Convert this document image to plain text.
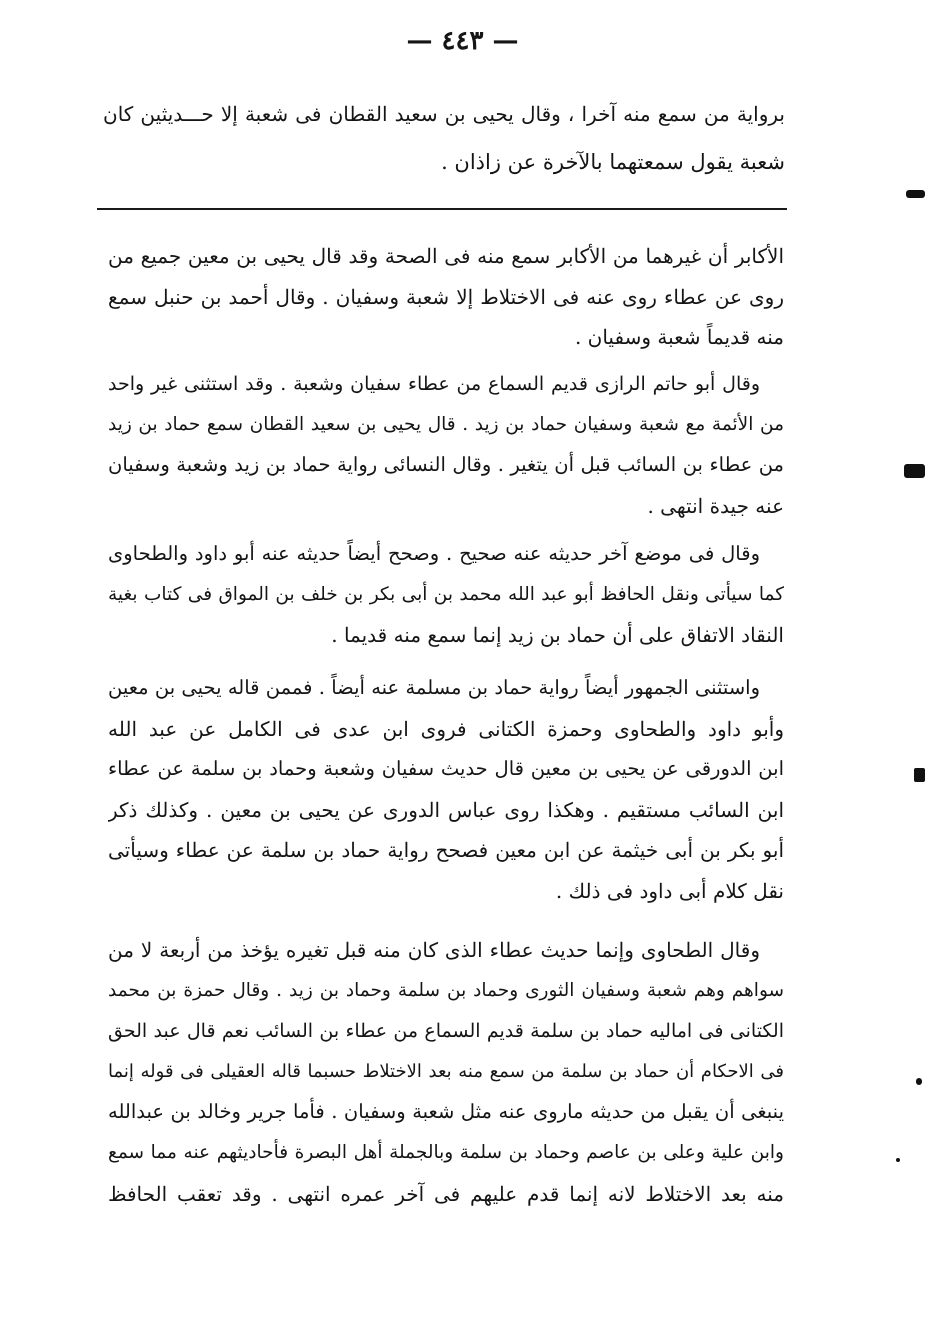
— ٤٤٣ —
برواية من سمع منه آخرا ، وقال يحيى بن سعيد القطان فى شعبة إلا حـــديثين كان
شعبة يقول سمعتهما بالآخرة عن زاذان .
الأكابر أن غيرهما من الأكابر سمع منه فى الصحة وقد قال يحيى بن معين جميع من
روى عن عطاء روى عنه فى الاختلاط إلا شعبة وسفيان . وقال أحمد بن حنبل سمع
منه قديماً شعبة وسفيان .
وقال أبو حاتم الرازى قديم السماع من عطاء سفيان وشعبة . وقد استثنى غير واحد
من الأئمة مع شعبة وسفيان حماد بن زيد . قال يحيى بن سعيد القطان سمع حماد بن زيد
من عطاء بن السائب قبل أن يتغير . وقال النسائى رواية حماد بن زيد وشعبة وسفيان
عنه جيدة انتهى .
وقال فى موضع آخر حديثه عنه صحيح . وصحح أيضاً حديثه عنه أبو داود والطحاوى
كما سيأتى ونقل الحافظ أبو عبد الله محمد بن أبى بكر بن خلف بن المواق فى كتاب بغية
النقاد الاتفاق على أن حماد بن زيد إنما سمع منه قديما .
واستثنى الجمهور أيضاً رواية حماد بن مسلمة عنه أيضاً . فممن قاله يحيى بن معين
وأبو داود والطحاوى وحمزة الكتانى فروى ابن عدى فى الكامل عن عبد الله
ابن الدورقى عن يحيى بن معين قال حديث سفيان وشعبة وحماد بن سلمة عن عطاء
ابن السائب مستقيم . وهكذا روى عباس الدورى عن يحيى بن معين . وكذلك ذكر
أبو بكر بن أبى خيثمة عن ابن معين فصحح رواية حماد بن سلمة عن عطاء وسيأتى
نقل كلام أبى داود فى ذلك .
وقال الطحاوى وإنما حديث عطاء الذى كان منه قبل تغيره يؤخذ من أربعة لا من
سواهم وهم شعبة وسفيان الثورى وحماد بن سلمة وحماد بن زيد . وقال حمزة بن محمد
الكتانى فى اماليه حماد بن سلمة قديم السماع من عطاء بن السائب نعم قال عبد الحق
فى الاحكام أن حماد بن سلمة من سمع منه بعد الاختلاط حسبما قاله العقيلى فى قوله إنما
ينبغى أن يقبل من حديثه ماروى عنه مثل شعبة وسفيان . فأما جرير وخالد بن عبدالله
وابن علية وعلى بن عاصم وحماد بن سلمة وبالجملة أهل البصرة فأحاديثهم عنه مما سمع
منه بعد الاختلاط لانه إنما قدم عليهم فى آخر عمره انتهى . وقد تعقب الحافظ
